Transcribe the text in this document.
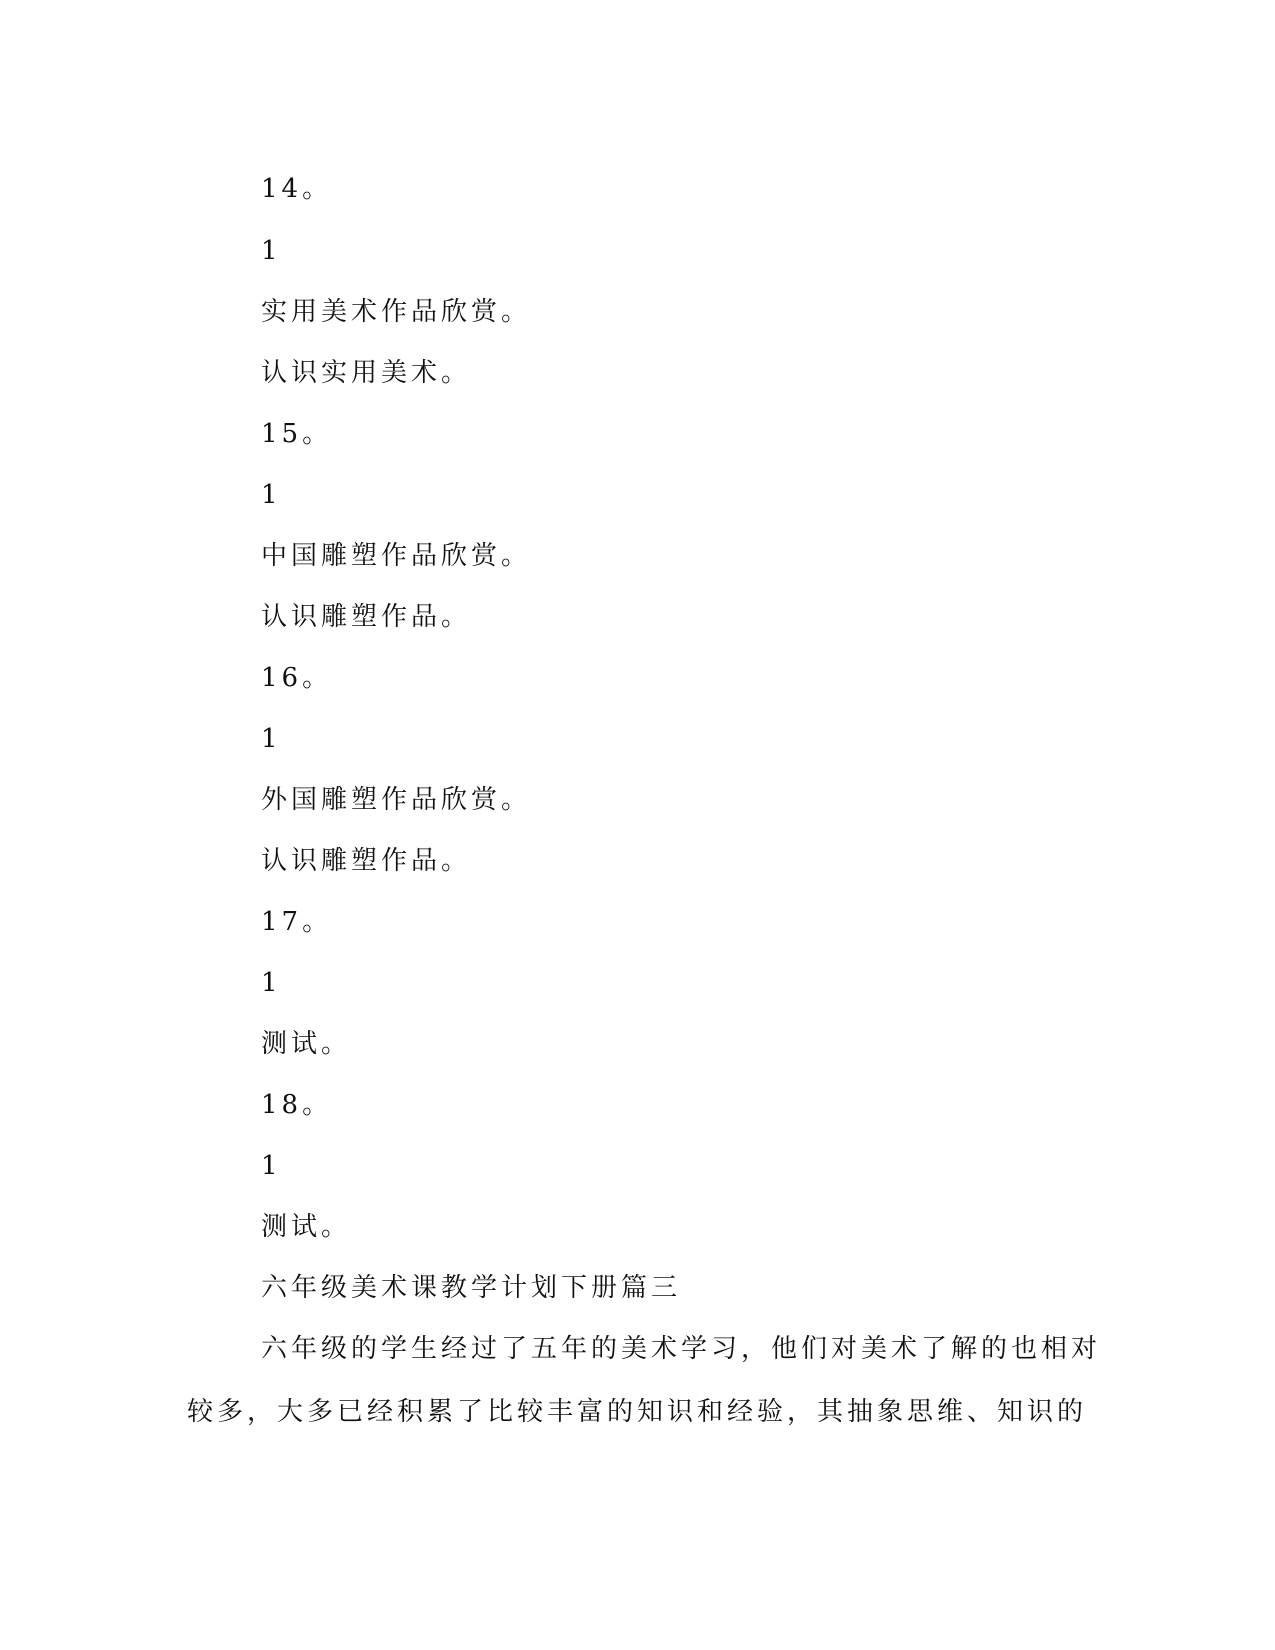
14。

1

实用美术作品欣赏。

认识实用美术。

15。

1

中国雕塑作品欣赏。

认识雕塑作品。

16。

1

外国雕塑作品欣赏。

认识雕塑作品。

17。

1

测试。

18。

1

测试。

六年级美术课教学计划下册篇三

六年级的学生经过了五年的美术学习，他们对美术了解的也相对

较多，大多已经积累了比较丰富的知识和经验，其抽象思维、知识的
